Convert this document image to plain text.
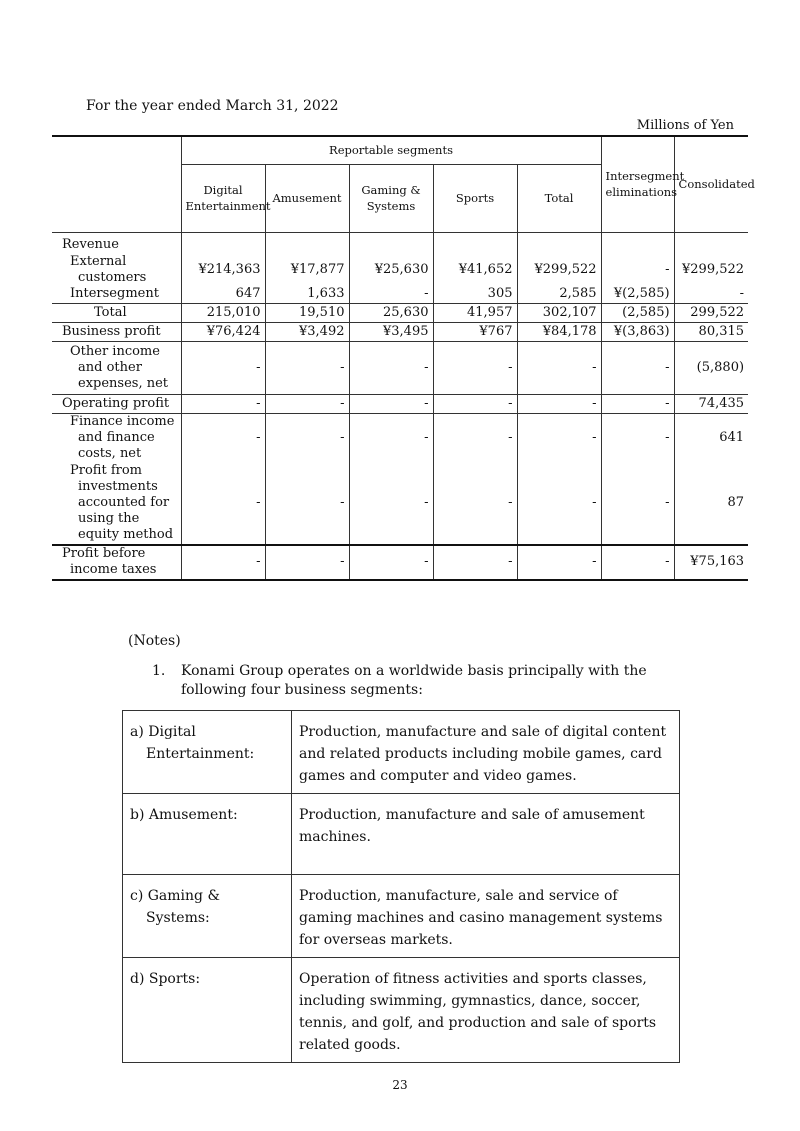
For the year ended March 31, 2022
Millions of Yen
	Reportable segments					Intersegment eliminations	Consolidated
	Digital Entertainment	Amusement	Gaming & Systems	Sports	Total		
Revenue							

External customers	¥214,363	¥17,877	¥25,630	¥41,652	¥299,522	-	¥299,522
Intersegment	647	1,633	-	305	2,585	¥(2,585)	-
Total	215,010	19,510	25,630	41,957	302,107	(2,585)	299,522
Business profit	¥76,424	¥3,492	¥3,495	¥767	¥84,178	¥(3,863)	80,315

Other income and other expenses, net	-	-	-	-	-	-	(5,880)
Operating profit	-	-	-	-	-	-	74,435

Finance income and finance costs, net	-	-	-	-	-	-	641

Profit from investments accounted for using the equity method	-	-	-	-	-	-	87

Profit before income taxes	-	-	-	-	-	-	¥75,163
(Notes)
1. Konami Group operates on a worldwide basis principally with the following four business segments:
a) Digital Entertainment:	Production, manufacture and sale of digital content and related products including mobile games, card games and computer and video games.

b) Amusement:	Production, manufacture and sale of amusement machines.

c) Gaming & Systems:	Production, manufacture, sale and service of gaming machines and casino management systems for overseas markets.

d) Sports:	Operation of fitness activities and sports classes, including swimming, gymnastics, dance, soccer, tennis, and golf, and production and sale of sports related goods.
23
